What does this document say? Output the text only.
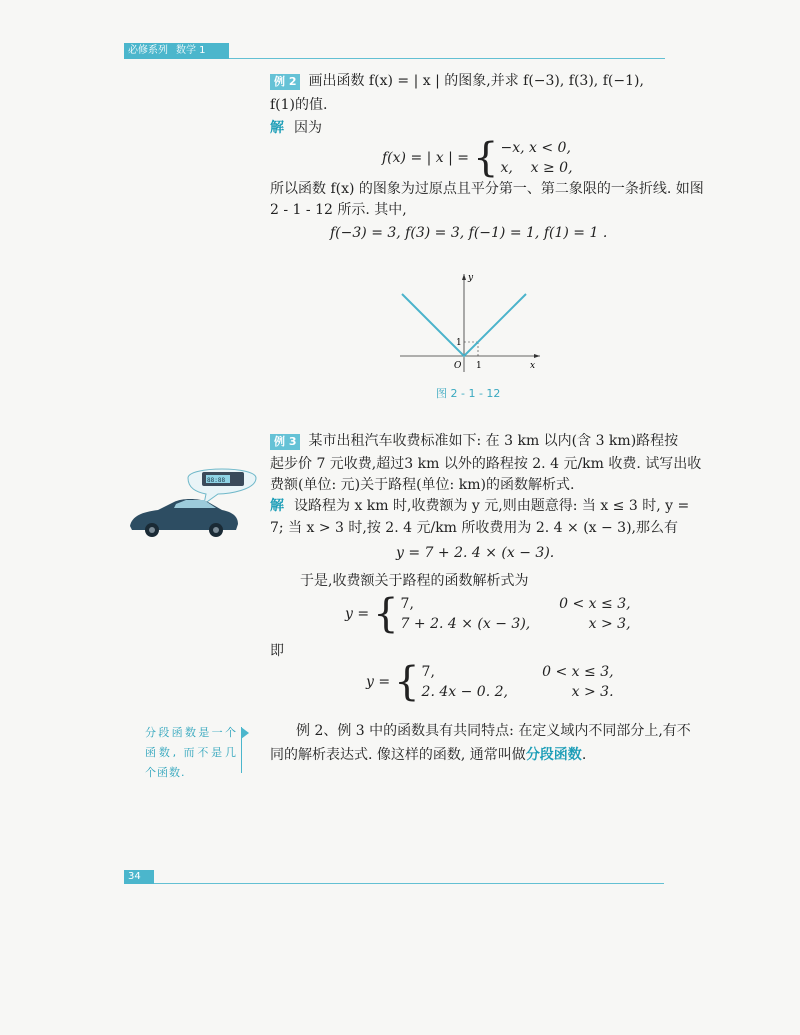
必修系列 数学 1
例 2 画出函数 f(x) = | x | 的图象,并求 f(−3), f(3), f(−1),
f(1)的值.
解 因为
f(x) = | x | = { −x, x < 0,
x,    x ≥ 0,
所以函数 f(x) 的图象为过原点且平分第一、第二象限的一条折线. 如图
2 - 1 - 12 所示. 其中,
f(−3) = 3, f(3) = 3, f(−1) = 1, f(1) = 1 .
y
x
O 1
1
图 2 - 1 - 12
例 3 某市出租汽车收费标准如下: 在 3 km 以内(含 3 km)路程按
起步价 7 元收费,超过3 km 以外的路程按 2. 4 元/km 收费. 试写出收
费额(单位: 元)关于路程(单位: km)的函数解析式.
解 设路程为 x km 时,收费额为 y 元,则由题意得: 当 x ≤ 3 时, y =
7; 当 x > 3 时,按 2. 4 元/km 所收费用为 2. 4 × (x − 3),那么有
y = 7 + 2. 4 × (x − 3).
于是,收费额关于路程的函数解析式为
88:88
y = { 7,	0 < x ≤ 3,
7 + 2. 4 × (x − 3),	x > 3,
即
y = { 7,	0 < x ≤ 3,
2. 4x − 0. 2,	x > 3.
分段函数是一个函数, 而不是几个函数.
例 2、例 3 中的函数具有共同特点: 在定义域内不同部分上,有不
同的解析表达式. 像这样的函数, 通常叫做分段函数.
34
